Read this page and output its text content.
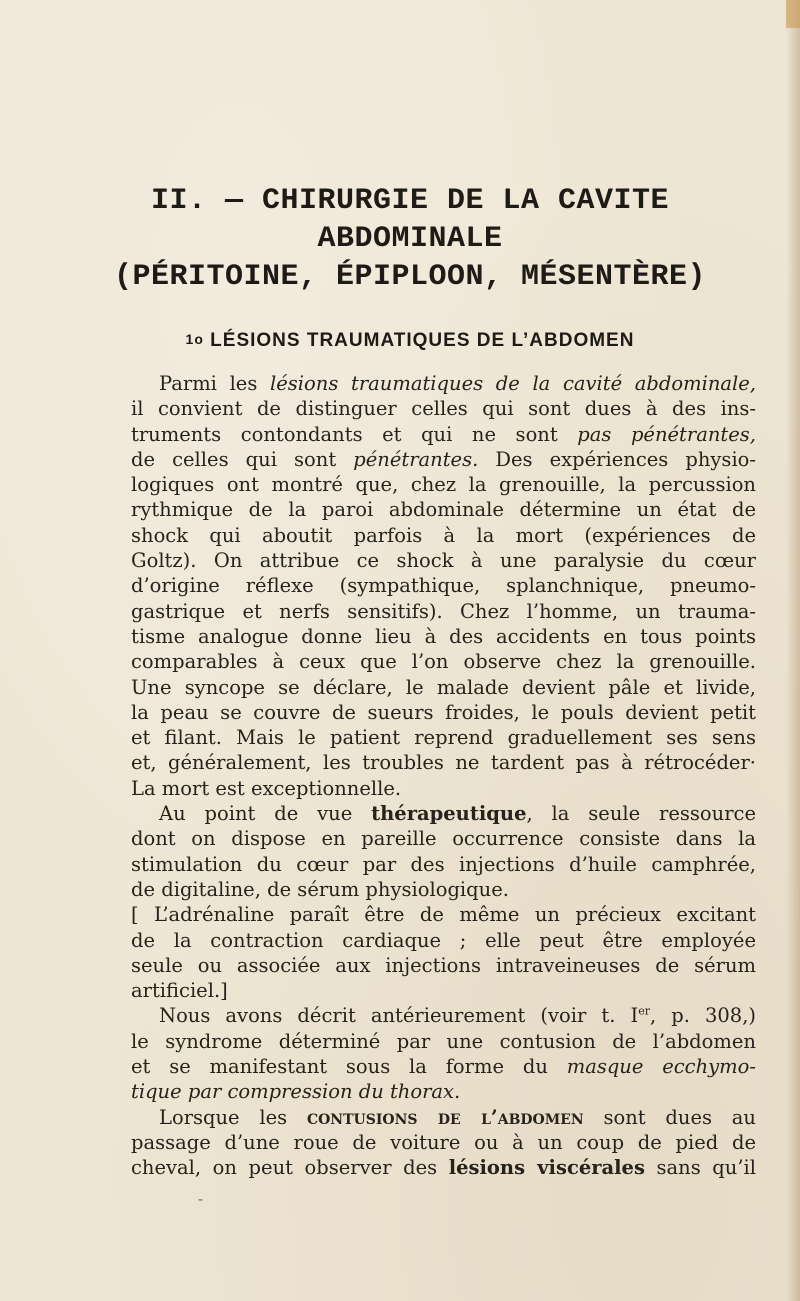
II. — CHIRURGIE DE LA CAVITE
ABDOMINALE
(PÉRITOINE, ÉPIPLOON, MÉSENTÈRE)
1o LÉSIONS TRAUMATIQUES DE L’ABDOMEN
Parmi les lésions traumatiques de la cavité abdominale,
il convient de distinguer celles qui sont dues à des ins-
truments contondants et qui ne sont pas pénétrantes,
de celles qui sont pénétrantes. Des expériences physio-
logiques ont montré que, chez la grenouille, la percussion
rythmique de la paroi abdominale détermine un état de
shock qui aboutit parfois à la mort (expériences de
Goltz). On attribue ce shock à une paralysie du cœur
d’origine réflexe (sympathique, splanchnique, pneumo-
gastrique et nerfs sensitifs). Chez l’homme, un trauma-
tisme analogue donne lieu à des accidents en tous points
comparables à ceux que l’on observe chez la grenouille.
Une syncope se déclare, le malade devient pâle et livide,
la peau se couvre de sueurs froides, le pouls devient petit
et filant. Mais le patient reprend graduellement ses sens
et, généralement, les troubles ne tardent pas à rétrocéder·
La mort est exceptionnelle.
Au point de vue thérapeutique, la seule ressource
dont on dispose en pareille occurrence consiste dans la
stimulation du cœur par des injections d’huile camphrée,
de digitaline, de sérum physiologique.
[ L’adrénaline paraît être de même un précieux excitant
de la contraction cardiaque ; elle peut être employée
seule ou associée aux injections intraveineuses de sérum
artificiel.]
Nous avons décrit antérieurement (voir t. Ier, p. 308,)
le syndrome déterminé par une contusion de l’abdomen
et se manifestant sous la forme du masque ecchymo-
tique par compression du thorax.
Lorsque les contusions de l’abdomen sont dues au
passage d’une roue de voiture ou à un coup de pied de
cheval, on peut observer des lésions viscérales sans qu’il
-
